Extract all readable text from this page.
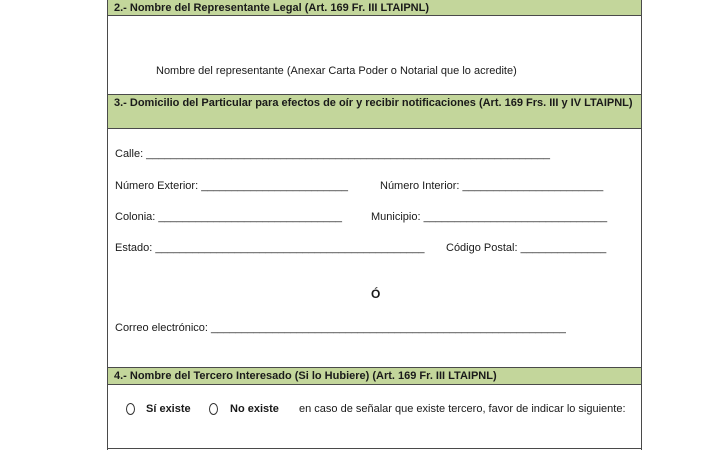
2.- Nombre del Representante Legal (Art. 169 Fr. III LTAIPNL)
Nombre del representante (Anexar Carta Poder o Notarial que lo acredite)
3.- Domicilio del Particular para efectos de oír y recibir notificaciones (Art. 169 Frs. III y IV LTAIPNL)
Calle: __________________________________________________________________
Número Exterior: ________________________	Número Interior: _______________________
Colonia: ______________________________	Municipio: ______________________________
Estado: ____________________________________________ Código Postal: ______________
Ó
Correo electrónico: __________________________________________________________
4.- Nombre del Tercero Interesado (Si lo Hubiere) (Art. 169 Fr. III LTAIPNL)
Sí existe	No existe en caso de señalar que existe tercero, favor de indicar lo siguiente:
